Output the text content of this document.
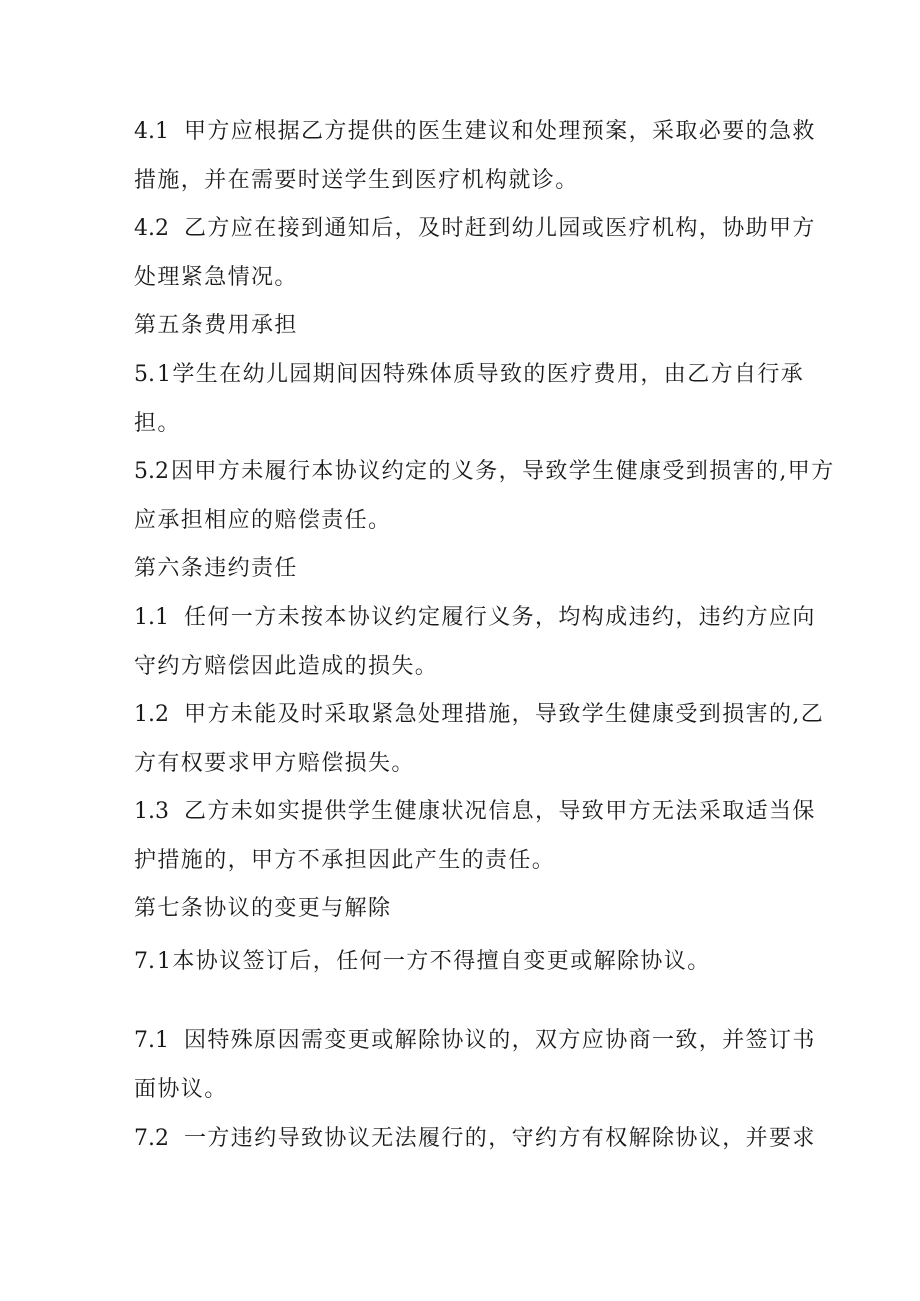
4.1 甲方应根据乙方提供的医生建议和处理预案，采取必要的急救

措施，并在需要时送学生到医疗机构就诊。

4.2 乙方应在接到通知后，及时赶到幼儿园或医疗机构，协助甲方

处理紧急情况。

第五条费用承担

5.1学生在幼儿园期间因特殊体质导致的医疗费用，由乙方自行承

担。

5.2因甲方未履行本协议约定的义务，导致学生健康受到损害的,甲方

应承担相应的赔偿责任。

第六条违约责任

1.1 任何一方未按本协议约定履行义务，均构成违约，违约方应向

守约方赔偿因此造成的损失。

1.2 甲方未能及时采取紧急处理措施，导致学生健康受到损害的,乙

方有权要求甲方赔偿损失。

1.3 乙方未如实提供学生健康状况信息，导致甲方无法采取适当保

护措施的，甲方不承担因此产生的责任。

第七条协议的变更与解除

7.1本协议签订后，任何一方不得擅自变更或解除协议。

7.1 因特殊原因需变更或解除协议的，双方应协商一致，并签订书

面协议。

7.2 一方违约导致协议无法履行的，守约方有权解除协议，并要求
